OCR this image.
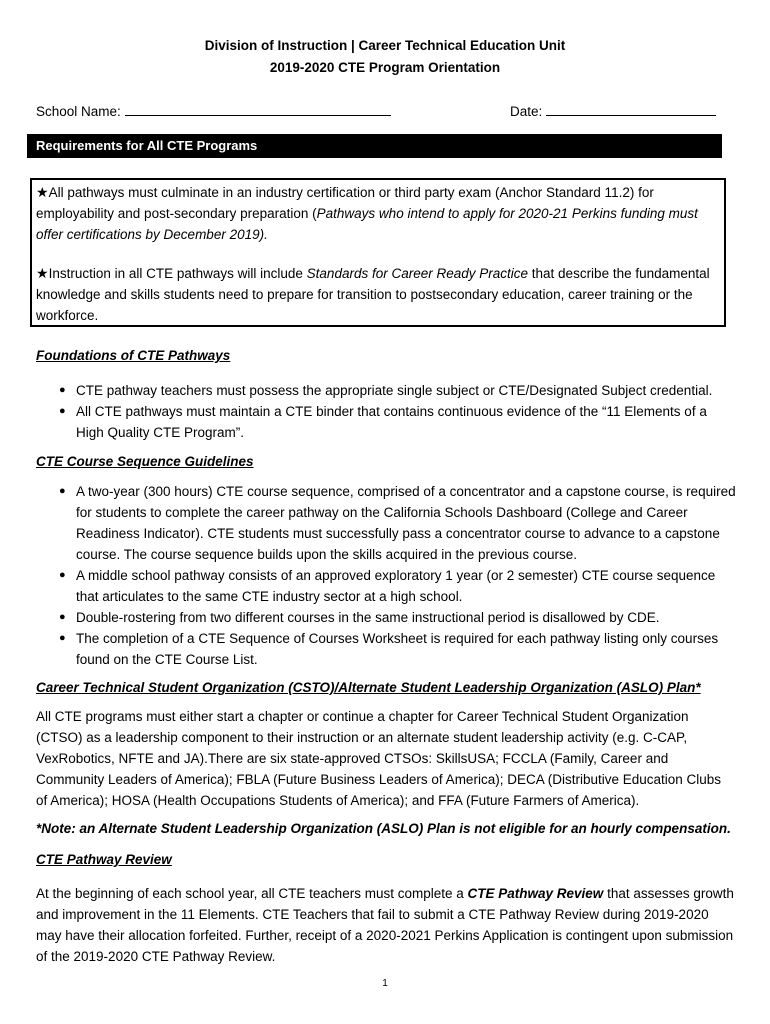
Division of Instruction | Career Technical Education Unit
2019-2020 CTE Program Orientation
School Name:	Date:
Requirements for All CTE Programs
★All pathways must culminate in an industry certification or third party exam (Anchor Standard 11.2) for employability and post-secondary preparation (Pathways who intend to apply for 2020-21 Perkins funding must offer certifications by December 2019).
★Instruction in all CTE pathways will include Standards for Career Ready Practice that describe the fundamental knowledge and skills students need to prepare for transition to postsecondary education, career training or the workforce.
Foundations of CTE Pathways
● CTE pathway teachers must possess the appropriate single subject or CTE/Designated Subject credential.
● All CTE pathways must maintain a CTE binder that contains continuous evidence of the “11 Elements of a High Quality CTE Program”.
CTE Course Sequence Guidelines
● A two-year (300 hours) CTE course sequence, comprised of a concentrator and a capstone course, is required for students to complete the career pathway on the California Schools Dashboard (College and Career Readiness Indicator). CTE students must successfully pass a concentrator course to advance to a capstone course. The course sequence builds upon the skills acquired in the previous course.
● A middle school pathway consists of an approved exploratory 1 year (or 2 semester) CTE course sequence that articulates to the same CTE industry sector at a high school.
● Double-rostering from two different courses in the same instructional period is disallowed by CDE.
● The completion of a CTE Sequence of Courses Worksheet is required for each pathway listing only courses found on the CTE Course List.
Career Technical Student Organization (CSTO)/Alternate Student Leadership Organization (ASLO) Plan*
All CTE programs must either start a chapter or continue a chapter for Career Technical Student Organization (CTSO) as a leadership component to their instruction or an alternate student leadership activity (e.g. C-CAP, VexRobotics, NFTE and JA).There are six state-approved CTSOs: SkillsUSA; FCCLA (Family, Career and Community Leaders of America); FBLA (Future Business Leaders of America); DECA (Distributive Education Clubs of America); HOSA (Health Occupations Students of America); and FFA (Future Farmers of America).
*Note: an Alternate Student Leadership Organization (ASLO) Plan is not eligible for an hourly compensation.
CTE Pathway Review
At the beginning of each school year, all CTE teachers must complete a CTE Pathway Review that assesses growth and improvement in the 11 Elements. CTE Teachers that fail to submit a CTE Pathway Review during 2019-2020 may have their allocation forfeited. Further, receipt of a 2020-2021 Perkins Application is contingent upon submission of the 2019-2020 CTE Pathway Review.
1
